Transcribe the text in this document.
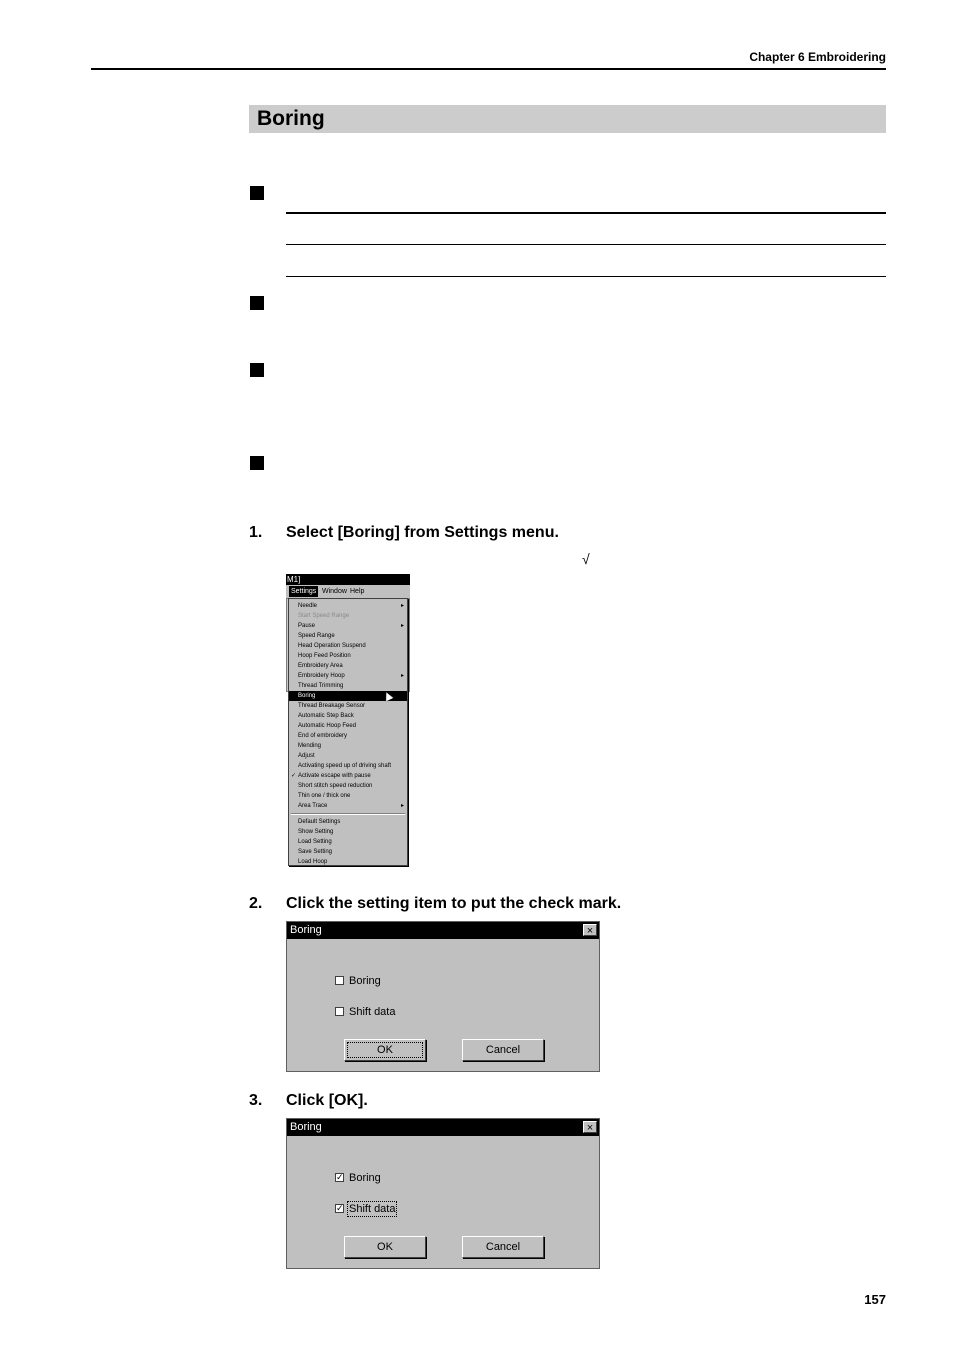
Chapter 6 Embroidering
Boring
1. Select [Boring] from Settings menu.
√
M1]
Settings Window Help
Needle	▸
Start Speed Range
Pause	▸
Speed Range
Head Operation Suspend
Hoop Feed Position
Embroidery Area
Embroidery Hoop	▸
Thread Trimming
Boring
Thread Breakage Sensor
Automatic Step Back
Automatic Hoop Feed
End of embroidery
Mending
Adjust
Activating speed up of driving shaft
✓ Activate escape with pause
Short stitch speed reduction
Thin one / thick one
Area Trace	▸
Default Settings
Show Setting
Load Setting
Save Setting
Load Hoop
2. Click the setting item to put the check mark.
Boring	×
Boring
Shift data
OK	Cancel
3. Click [OK].
Boring	×
✓ Boring
✓ Shift data
OK	Cancel
157
